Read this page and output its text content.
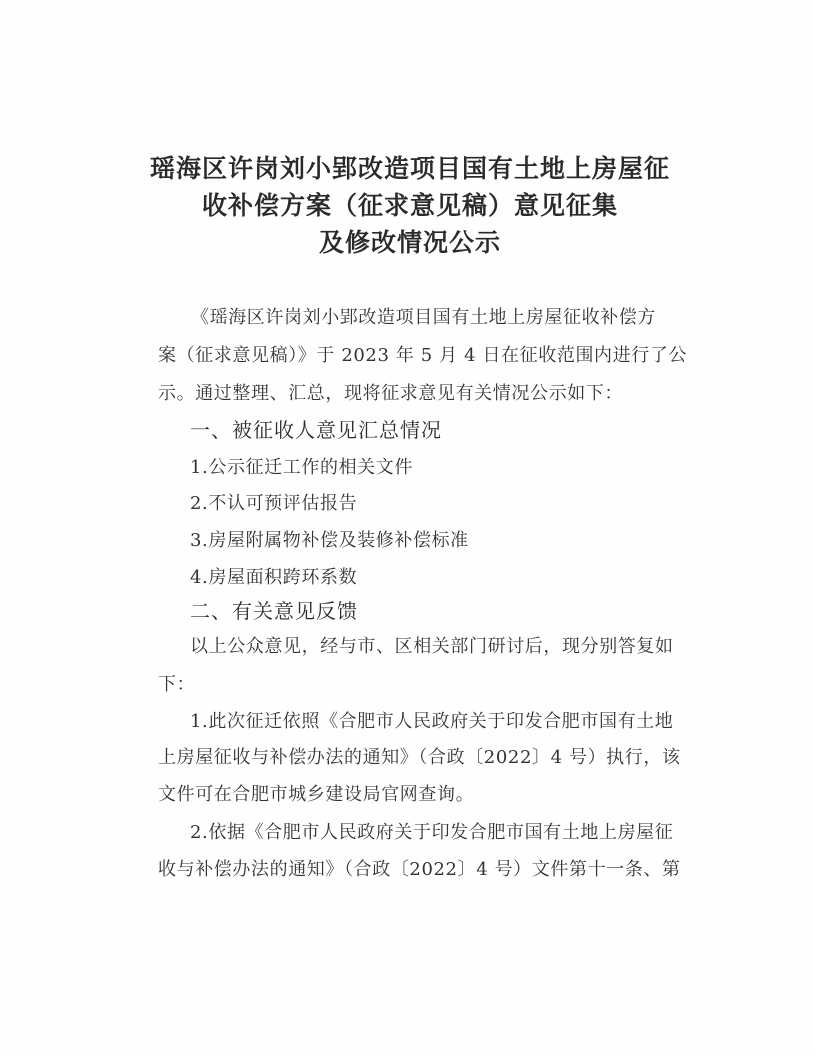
瑶海区许岗刘小郢改造项目国有土地上房屋征
收补偿方案（征求意见稿）意见征集
及修改情况公示
《瑶海区许岗刘小郢改造项目国有土地上房屋征收补偿方
案（征求意见稿）》于 2023 年 5 月 4 日在征收范围内进行了公
示。通过整理、汇总，现将征求意见有关情况公示如下：
一、被征收人意见汇总情况
1.公示征迁工作的相关文件
2.不认可预评估报告
3.房屋附属物补偿及装修补偿标准
4.房屋面积跨环系数
二、有关意见反馈
以上公众意见，经与市、区相关部门研讨后，现分别答复如
下：
1.此次征迁依照《合肥市人民政府关于印发合肥市国有土地
上房屋征收与补偿办法的通知》（合政〔2022〕4 号）执行，该
文件可在合肥市城乡建设局官网查询。
2.依据《合肥市人民政府关于印发合肥市国有土地上房屋征
收与补偿办法的通知》（合政〔2022〕4 号）文件第十一条、第
